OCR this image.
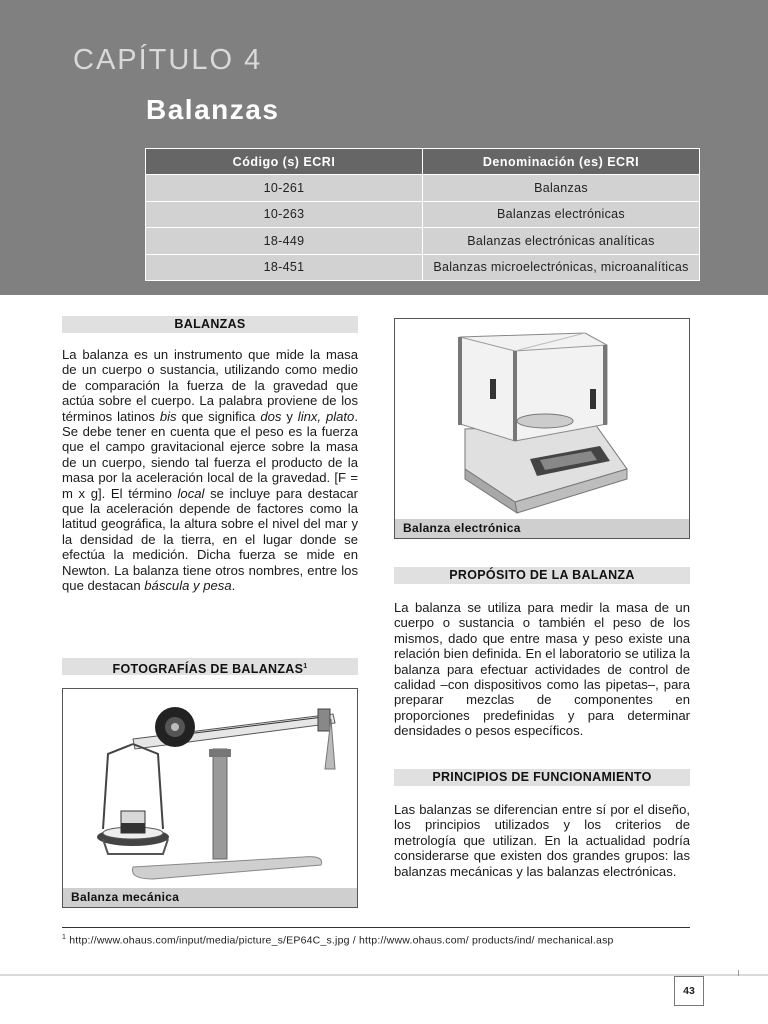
CAPÍTULO 4
Balanzas
Código (s) ECRI	Denominación (es) ECRI
10-261	Balanzas
10-263	Balanzas electrónicas
18-449	Balanzas electrónicas analíticas
18-451	Balanzas microelectrónicas, microanalíticas
BALANZAS
La balanza es un instrumento que mide la masa de un cuerpo o sustancia, utilizando como medio de comparación la fuerza de la gravedad que actúa sobre el cuerpo. La palabra proviene de los términos latinos bis que significa dos y linx, plato. Se debe tener en cuenta que el peso es la fuerza que el campo gravitacional ejerce sobre la masa de un cuerpo, siendo tal fuerza el producto de la masa por la aceleración local de la gravedad. [F = m x g]. El término local se incluye para destacar que la aceleración depende de factores como la latitud geográfica, la altura sobre el nivel del mar y la densidad de la tierra, en el lugar donde se efectúa la medición. Dicha fuerza se mide en Newton. La balanza tiene otros nombres, entre los que destacan báscula y pesa.
FOTOGRAFÍAS DE BALANZAS$^1$
Balanza mecánica
Balanza electrónica
PROPÓSITO DE LA BALANZA
La balanza se utiliza para medir la masa de un cuerpo o sustancia o también el peso de los mismos, dado que entre masa y peso existe una relación bien definida. En el laboratorio se utiliza la balanza para efectuar actividades de control de calidad –con dispositivos como las pipetas–, para preparar mezclas de componentes en proporciones predefinidas y para determinar densidades o pesos específicos.
PRINCIPIOS DE FUNCIONAMIENTO
Las balanzas se diferencian entre sí por el diseño, los principios utilizados y los criterios de metrología que utilizan. En la actualidad podría considerarse que existen dos grandes grupos: las balanzas mecánicas y las balanzas electrónicas.
$^1$ http://www.ohaus.com/input/media/picture_s/EP64C_s.jpg / http://www.ohaus.com/ products/ind/ mechanical.asp
43
